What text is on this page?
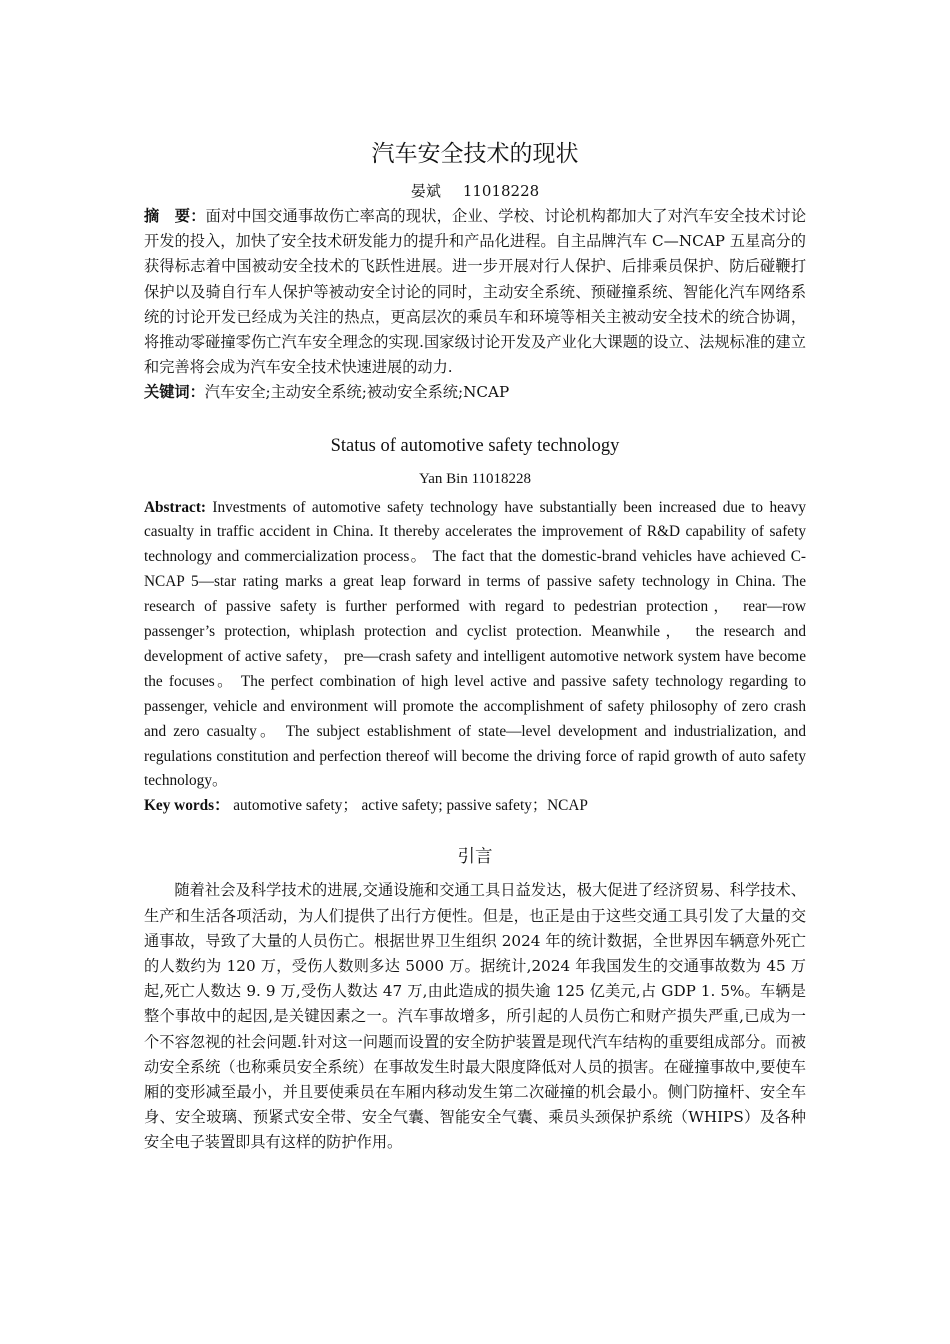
汽车安全技术的现状
晏斌 11018228
摘　要：面对中国交通事故伤亡率高的现状，企业、学校、讨论机构都加大了对汽车安全技术讨论开发的投入，加快了安全技术研发能力的提升和产品化进程。自主品牌汽车 C—NCAP 五星高分的获得标志着中国被动安全技术的飞跃性进展。进一步开展对行人保护、后排乘员保护、防后碰鞭打保护以及骑自行车人保护等被动安全讨论的同时，主动安全系统、预碰撞系统、智能化汽车网络系统的讨论开发已经成为关注的热点，更高层次的乘员车和环境等相关主被动安全技术的统合协调，将推动零碰撞零伤亡汽车安全理念的实现.国家级讨论开发及产业化大课题的设立、法规标准的建立和完善将会成为汽车安全技术快速进展的动力.
关键词：汽车安全;主动安全系统;被动安全系统;NCAP
Status of automotive safety technology
Yan Bin 11018228
Abstract: Investments of automotive safety technology have substantially been increased due to heavy casualty in traffic accident in China. It thereby accelerates the improvement of R&D capability of safety technology and commercialization process。 The fact that the domestic-brand vehicles have achieved C-NCAP 5—star rating marks a great leap forward in terms of passive safety technology in China. The research of passive safety is further performed with regard to pedestrian protection， rear—row passenger’s protection, whiplash protection and cyclist protection. Meanwhile， the research and development of active safety， pre—crash safety and intelligent automotive network system have become the focuses。 The perfect combination of high level active and passive safety technology regarding to passenger, vehicle and environment will promote the accomplishment of safety philosophy of zero crash and zero casualty。 The subject establishment of state—level development and industrialization, and regulations constitution and perfection thereof will become the driving force of rapid growth of auto safety technology。
Key words： automotive safety； active safety; passive safety；NCAP
引言

随着社会及科学技术的进展,交通设施和交通工具日益发达，极大促进了经济贸易、科学技术、生产和生活各项活动，为人们提供了出行方便性。但是，也正是由于这些交通工具引发了大量的交通事故，导致了大量的人员伤亡。根据世界卫生组织 2024 年的统计数据，全世界因车辆意外死亡的人数约为 120 万，受伤人数则多达 5000 万。据统计,2024 年我国发生的交通事故数为 45 万起,死亡人数达 9. 9 万,受伤人数达 47 万,由此造成的损失逾 125 亿美元,占 GDP 1. 5%。车辆是整个事故中的起因,是关键因素之一。汽车事故增多，所引起的人员伤亡和财产损失严重,已成为一个不容忽视的社会问题.针对这一问题而设置的安全防护装置是现代汽车结构的重要组成部分。而被动安全系统（也称乘员安全系统）在事故发生时最大限度降低对人员的损害。在碰撞事故中,要使车厢的变形减至最小，并且要使乘员在车厢内移动发生第二次碰撞的机会最小。侧门防撞杆、安全车身、安全玻璃、预紧式安全带、安全气囊、智能安全气囊、乘员头颈保护系统（WHIPS）及各种安全电子装置即具有这样的防护作用。
